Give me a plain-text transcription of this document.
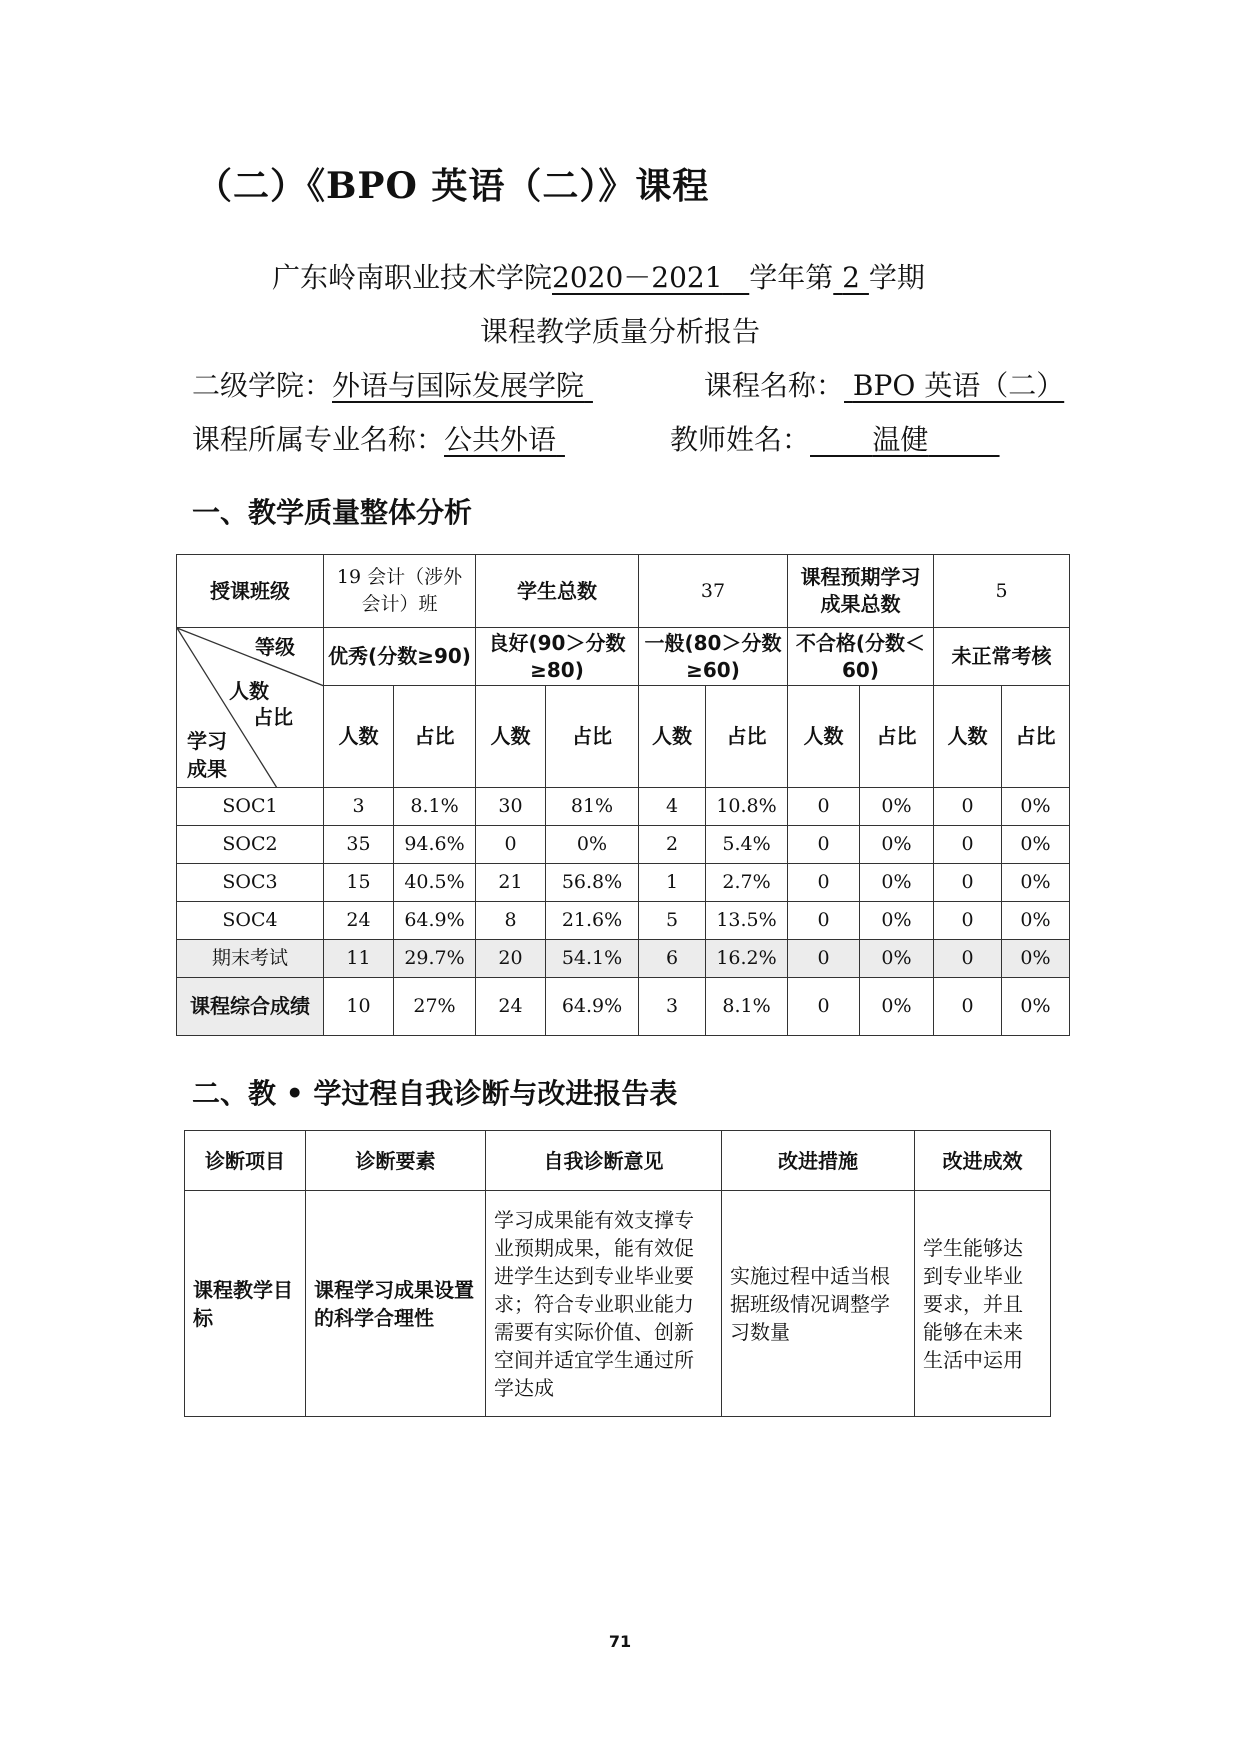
（二）《BPO 英语（二）》课程
广东岭南职业技术学院2020－2021 学年第 2 学期
课程教学质量分析报告
二级学院：外语与国际发展学院	课程名称： BPO 英语（二）
课程所属专业名称：公共外语	教师姓名： 温健
一、教学质量整体分析
授课班级	19 会计（涉外会计）班		学生总数		37		课程预期学习成果总数		5	

等级
人数
占比
学习
成果	优秀(分数≥90)		良好(90＞分数≥80)		一般(80＞分数≥60)		不合格(分数＜60)		未正常考核	
	人数	占比	人数	占比	人数	占比	人数	占比	人数	占比
SOC1	3	8.1%	30	81%	4	10.8%	0	0%	0	0%
SOC2	35	94.6%	0	0%	2	5.4%	0	0%	0	0%
SOC3	15	40.5%	21	56.8%	1	2.7%	0	0%	0	0%
SOC4	24	64.9%	8	21.6%	5	13.5%	0	0%	0	0%
期末考试	11	29.7%	20	54.1%	6	16.2%	0	0%	0	0%
课程综合成绩	10	27%	24	64.9%	3	8.1%	0	0%	0	0%
二、教 • 学过程自我诊断与改进报告表
诊断项目	诊断要素	自我诊断意见	改进措施	改进成效
课程教学目标	课程学习成果设置的科学合理性	学习成果能有效支撑专业预期成果，能有效促进学生达到专业毕业要求；符合专业职业能力需要有实际价值、创新空间并适宜学生通过所学达成	实施过程中适当根据班级情况调整学习数量	学生能够达到专业毕业要求，并且能够在未来生活中运用
71
